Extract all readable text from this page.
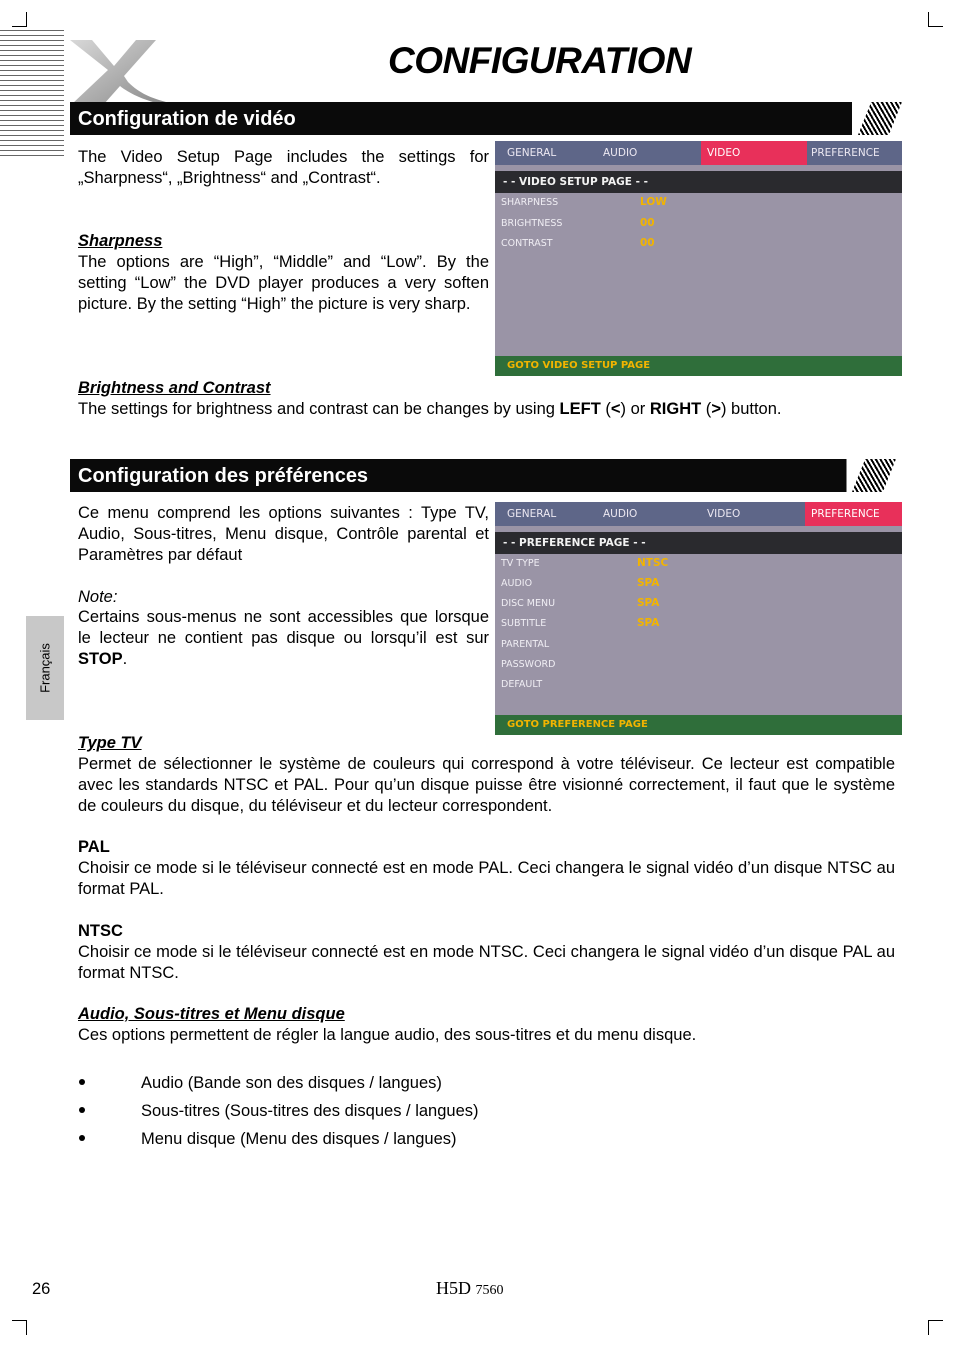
CONFIGURATION
Configuration de vidéo
The Video Setup Page includes the settings for „Sharpness“, „Brightness“ and „Contrast“.
Sharpness
The options are “High”, “Middle” and “Low”. By the setting “Low” the DVD player produces a very soften picture. By the setting “High” the picture is very sharp.
Brightness and Contrast
The settings for brightness and contrast can be changes by using LEFT (<) or RIGHT (>) button.
GENERAL	AUDIO	VIDEO	PREFERENCE
- - VIDEO SETUP PAGE - -
SHARPNESS	LOW
BRIGHTNESS	00
CONTRAST	00
GOTO VIDEO SETUP PAGE
Configuration des préférences
Ce menu comprend les options suivantes : Type TV, Audio, Sous-titres, Menu disque, Contrôle parental et Paramètres par défaut
Note:
Certains sous-menus ne sont accessibles que lorsque le lecteur ne contient pas disque ou lorsqu’il est sur STOP.
GENERAL	AUDIO	VIDEO	PREFERENCE
- - PREFERENCE PAGE - -
TV TYPE	NTSC
AUDIO	SPA
DISC MENU	SPA
SUBTITLE	SPA
PARENTAL
PASSWORD
DEFAULT
GOTO PREFERENCE PAGE
Français
Type TV
Permet de sélectionner le système de couleurs qui correspond à votre téléviseur. Ce lecteur est compatible avec les standards NTSC et PAL. Pour qu’un disque puisse être visionné correctement, il faut que le système de couleurs du disque, du téléviseur et du lecteur correspondent.
PAL
Choisir ce mode si le téléviseur connecté est en mode PAL. Ceci changera le signal vidéo d’un disque NTSC au format PAL.
NTSC
Choisir ce mode si le téléviseur connecté est en mode NTSC. Ceci changera le signal vidéo d’un disque PAL au format NTSC.
Audio, Sous-titres et Menu disque
Ces options permettent de régler la langue audio, des sous-titres et du menu disque.
Audio (Bande son des disques / langues)
Sous-titres (Sous-titres des disques / langues)
Menu disque (Menu des disques / langues)
26	H5D 7560
